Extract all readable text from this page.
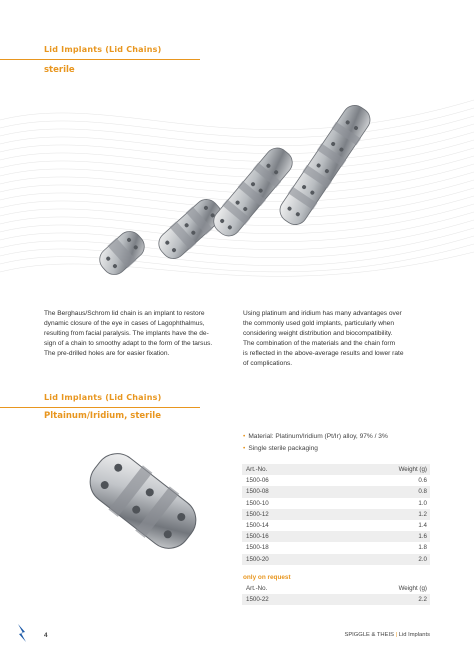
Lid Implants (Lid Chains)
sterile
The Berghaus/Schrom lid chain is an implant to restore
dynamic closure of the eye in cases of Lagophthalmus,
resulting from facial paralysis. The implants have the de-
sign of a chain to smoothy adapt to the form of the tarsus.
The pre-drilled holes are for easier fixation.
Using platinum and iridium has many advantages over
the commonly used gold implants, particularly when
considering weight distribution and biocompatibility.
The combination of the materials and the chain form
is reflected in the above-average results and lower rate
of complications.
Lid Implants (Lid Chains)
Pltainum/Iridium, sterile
• Material: Platinum/Iridium (Pt/Ir) alloy, 97% / 3%
• Single sterile packaging
Art.-No.	Weight (g)
1500-06	0.6
1500-08	0.8
1500-10	1.0
1500-12	1.2
1500-14	1.4
1500-16	1.6
1500-18	1.8
1500-20	2.0
only on request
Art.-No.	Weight (g)
1500-22	2.2
4	SPIGGLE & THEIS | Lid Implants
